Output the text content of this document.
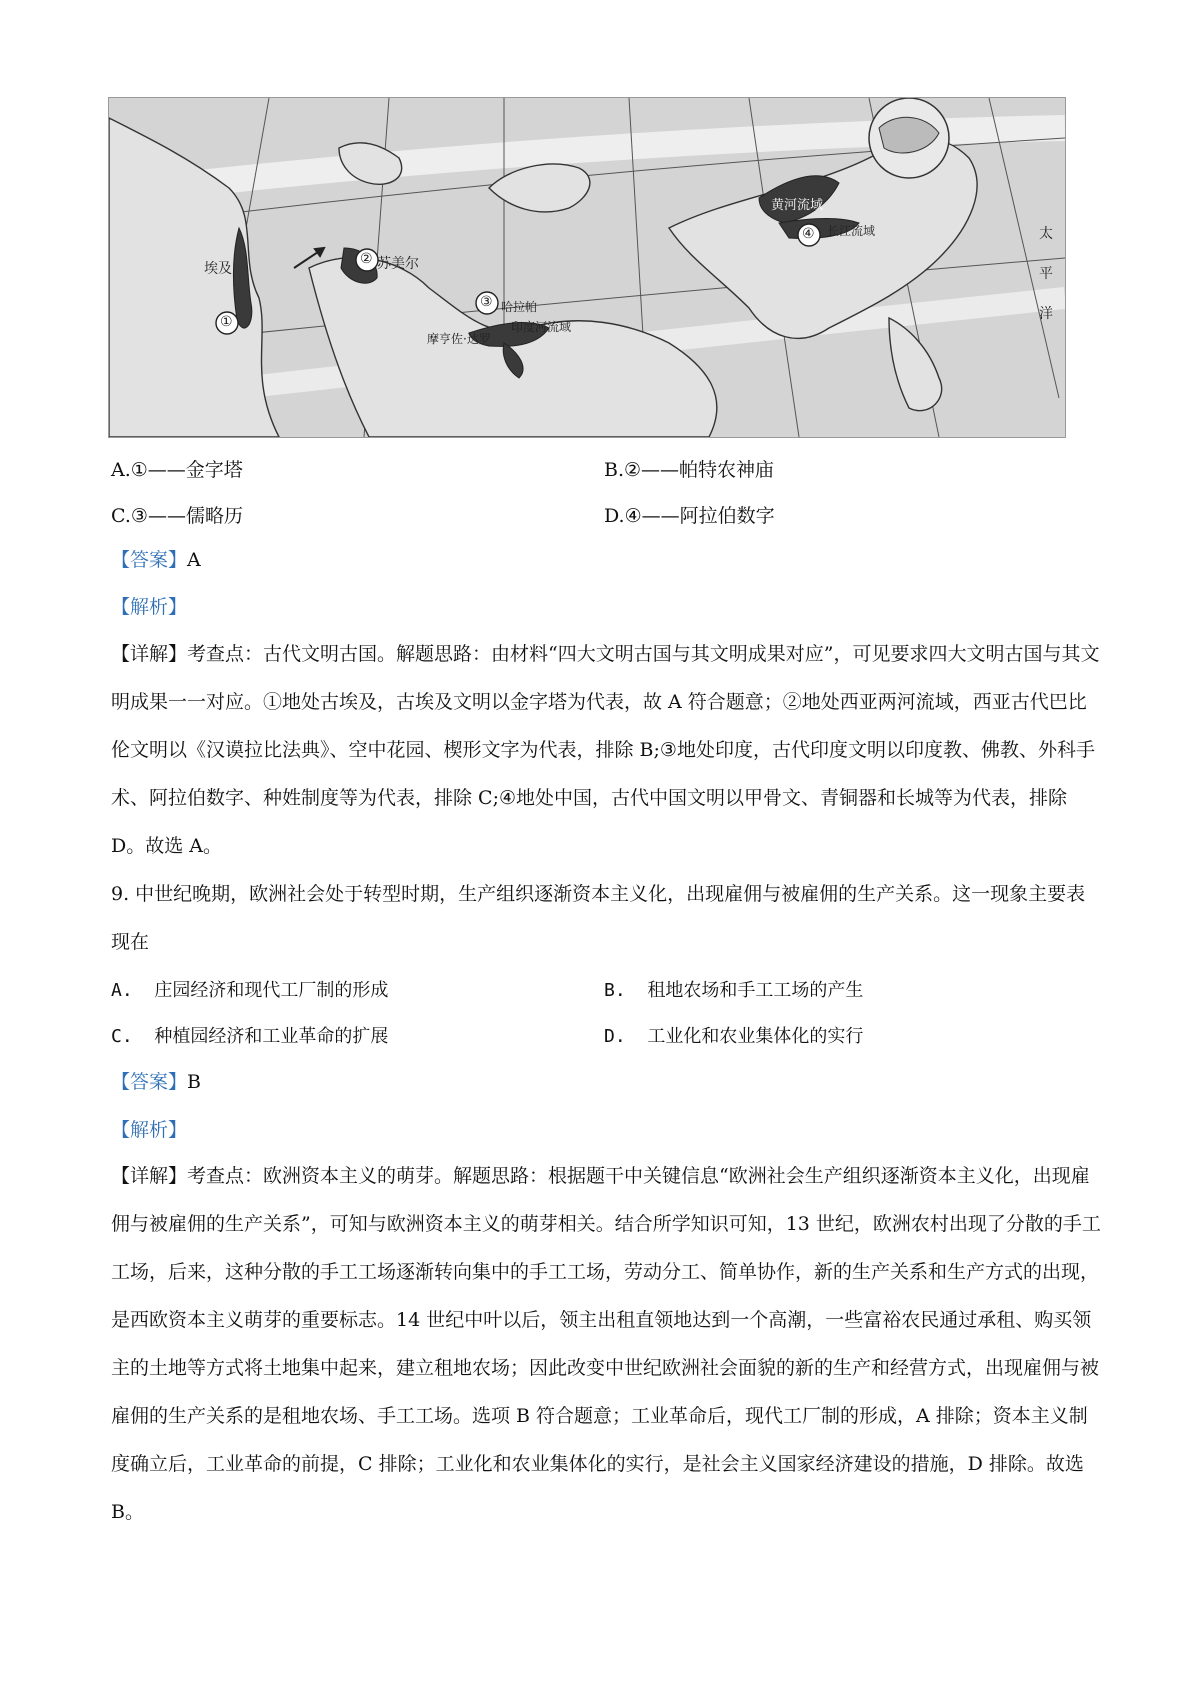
①
②
③
④
苏美尔
埃及
摩亨佐·达罗
哈拉帕
印度河流域
黄河流域
长江流域	太
平
洋
A.①——金字塔	B.②——帕特农神庙
C.③——儒略历	D.④——阿拉伯数字
【答案】A
【解析】

【详解】考查点：古代文明古国。解题思路：由材料“四大文明古国与其文明成果对应”，可见要求四大文明古国与其文明成果一一对应。①地处古埃及，古埃及文明以金字塔为代表，故 A 符合题意；②地处西亚两河流域，西亚古代巴比伦文明以《汉谟拉比法典》、空中花园、楔形文字为代表，排除 B;③地处印度，古代印度文明以印度教、佛教、外科手术、阿拉伯数字、种姓制度等为代表，排除 C;④地处中国，古代中国文明以甲骨文、青铜器和长城等为代表，排除 D。故选 A。

9. 中世纪晚期，欧洲社会处于转型时期，生产组织逐渐资本主义化，出现雇佣与被雇佣的生产关系。这一现象主要表现在

A. 庄园经济和现代工厂制的形成	B. 租地农场和手工工场的产生
C. 种植园经济和工业革命的扩展	D. 工业化和农业集体化的实行
【答案】B
【解析】

【详解】考查点：欧洲资本主义的萌芽。解题思路：根据题干中关键信息“欧洲社会生产组织逐渐资本主义化，出现雇佣与被雇佣的生产关系”，可知与欧洲资本主义的萌芽相关。结合所学知识可知，13 世纪，欧洲农村出现了分散的手工工场，后来，这种分散的手工工场逐渐转向集中的手工工场，劳动分工、简单协作，新的生产关系和生产方式的出现，是西欧资本主义萌芽的重要标志。14 世纪中叶以后，领主出租直领地达到一个高潮，一些富裕农民通过承租、购买领主的土地等方式将土地集中起来，建立租地农场；因此改变中世纪欧洲社会面貌的新的生产和经营方式，出现雇佣与被雇佣的生产关系的是租地农场、手工工场。选项 B 符合题意；工业革命后，现代工厂制的形成，A 排除；资本主义制度确立后，工业革命的前提，C 排除；工业化和农业集体化的实行，是社会主义国家经济建设的措施，D 排除。故选 B。
